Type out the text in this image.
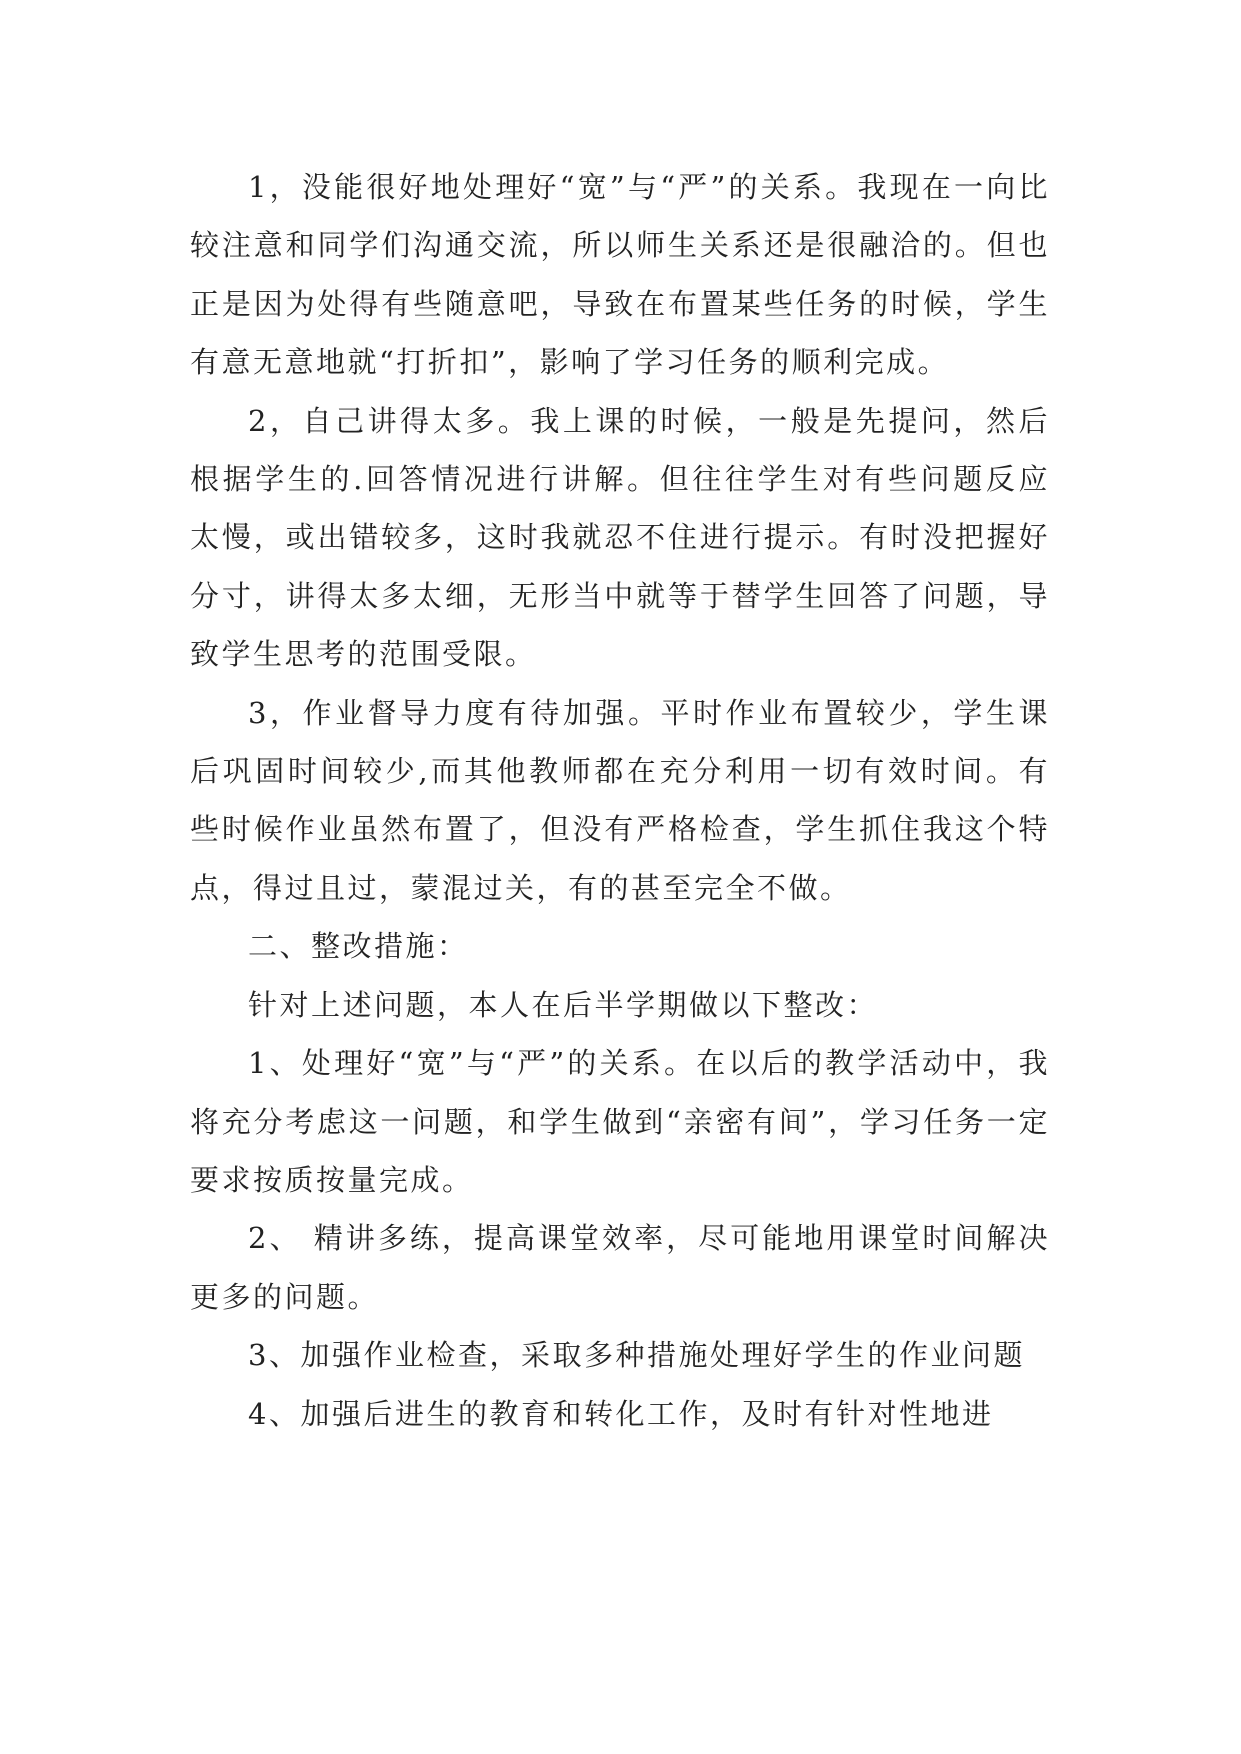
1，没能很好地处理好“宽”与“严”的关系。我现在一向比较注意和同学们沟通交流，所以师生关系还是很融洽的。但也正是因为处得有些随意吧，导致在布置某些任务的时候，学生有意无意地就“打折扣”，影响了学习任务的顺利完成。

2，自己讲得太多。我上课的时候，一般是先提问，然后根据学生的.回答情况进行讲解。但往往学生对有些问题反应太慢，或出错较多，这时我就忍不住进行提示。有时没把握好分寸，讲得太多太细，无形当中就等于替学生回答了问题，导致学生思考的范围受限。

3，作业督导力度有待加强。平时作业布置较少，学生课后巩固时间较少,而其他教师都在充分利用一切有效时间。有些时候作业虽然布置了，但没有严格检查，学生抓住我这个特点，得过且过，蒙混过关，有的甚至完全不做。

二、整改措施：

针对上述问题，本人在后半学期做以下整改：

1、处理好“宽”与“严”的关系。在以后的教学活动中，我将充分考虑这一问题，和学生做到“亲密有间”，学习任务一定要求按质按量完成。

2、 精讲多练，提高课堂效率，尽可能地用课堂时间解决更多的问题。

3、加强作业检查，采取多种措施处理好学生的作业问题

4、加强后进生的教育和转化工作，及时有针对性地进
